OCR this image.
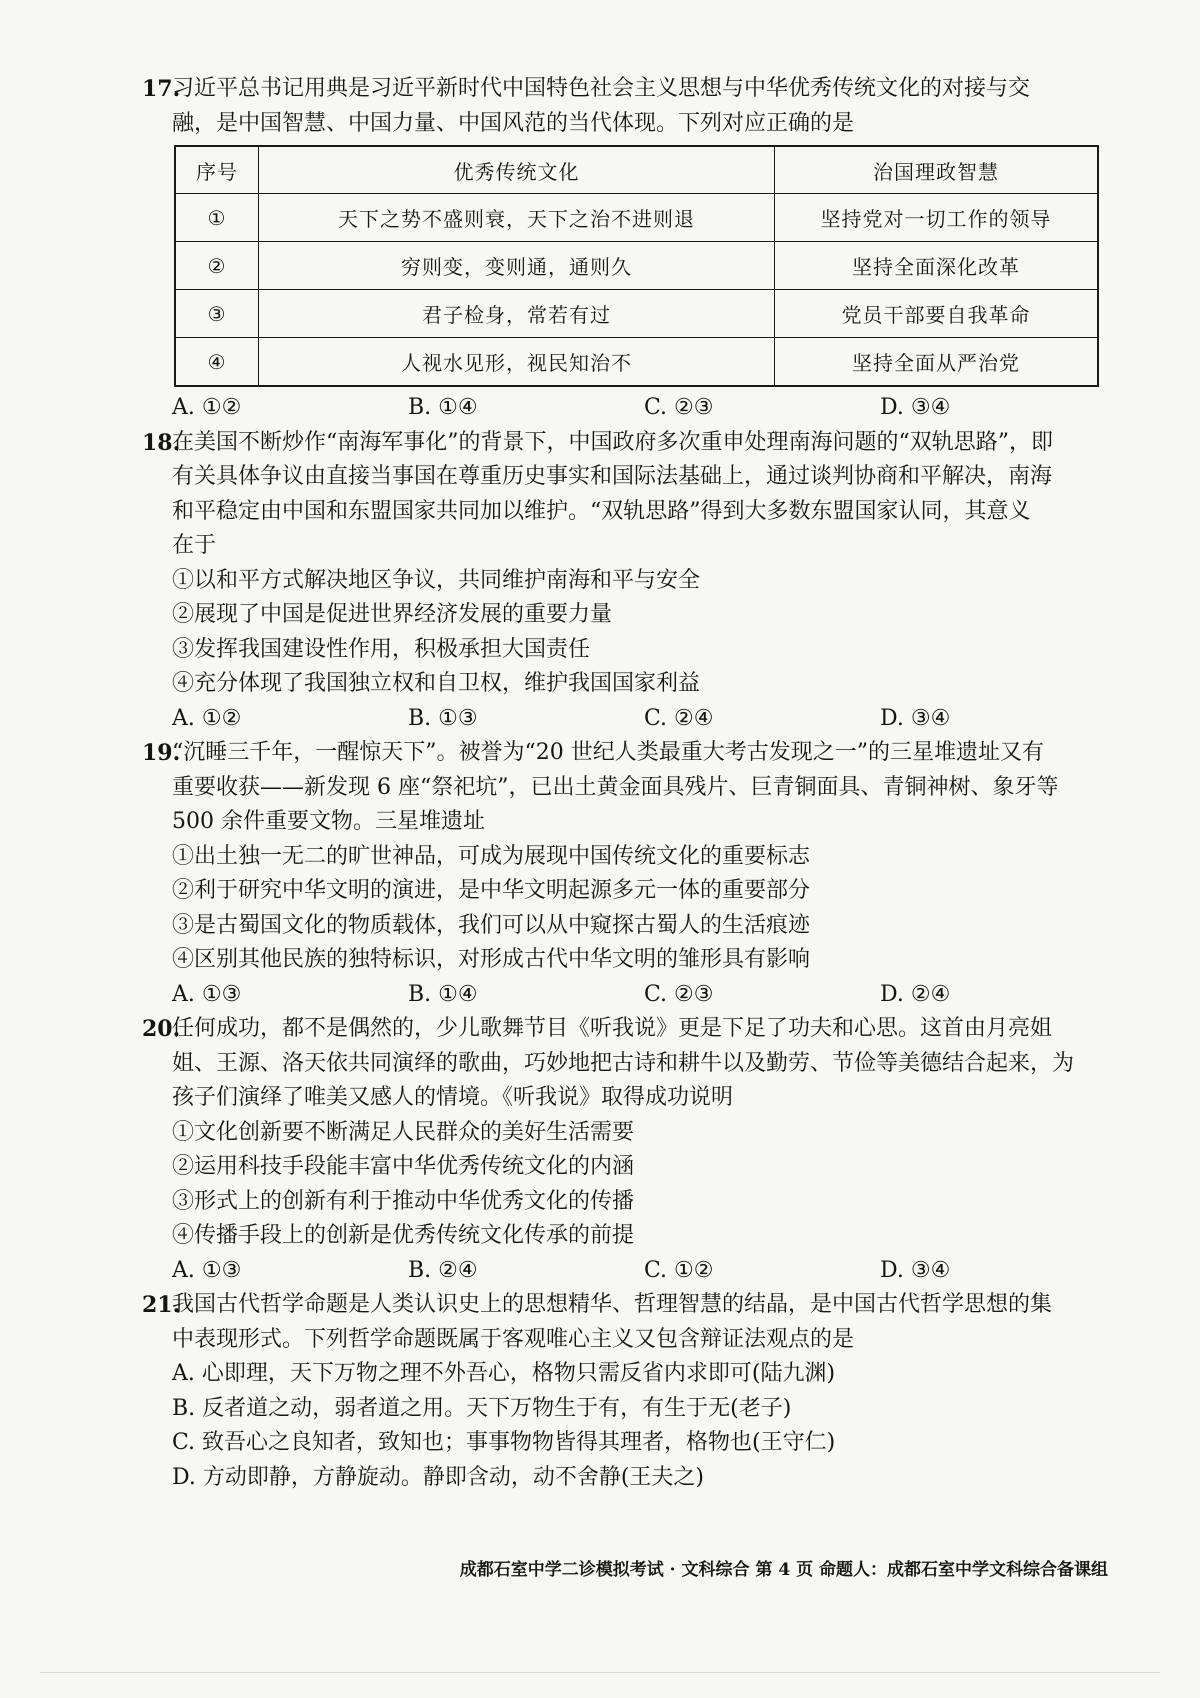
17.
习近平总书记用典是习近平新时代中国特色社会主义思想与中华优秀传统文化的对接与交
融，是中国智慧、中国力量、中国风范的当代体现。下列对应正确的是
序号	优秀传统文化	治国理政智慧
①	天下之势不盛则衰，天下之治不进则退	坚持党对一切工作的领导
②	穷则变，变则通，通则久	坚持全面深化改革
③	君子检身，常若有过	党员干部要自我革命
④	人视水见形，视民知治不	坚持全面从严治党
A. ①②	B. ①④	C. ②③	D. ③④
18.
在美国不断炒作“南海军事化”的背景下，中国政府多次重申处理南海问题的“双轨思路”，即
有关具体争议由直接当事国在尊重历史事实和国际法基础上，通过谈判协商和平解决，南海
和平稳定由中国和东盟国家共同加以维护。“双轨思路”得到大多数东盟国家认同，其意义
在于
①以和平方式解决地区争议，共同维护南海和平与安全
②展现了中国是促进世界经济发展的重要力量
③发挥我国建设性作用，积极承担大国责任
④充分体现了我国独立权和自卫权，维护我国国家利益
A. ①②	B. ①③	C. ②④	D. ③④
19.
“沉睡三千年，一醒惊天下”。被誉为“20 世纪人类最重大考古发现之一”的三星堆遗址又有
重要收获——新发现 6 座“祭祀坑”，已出土黄金面具残片、巨青铜面具、青铜神树、象牙等
500 余件重要文物。三星堆遗址
①出土独一无二的旷世神品，可成为展现中国传统文化的重要标志
②利于研究中华文明的演进，是中华文明起源多元一体的重要部分
③是古蜀国文化的物质载体，我们可以从中窥探古蜀人的生活痕迹
④区别其他民族的独特标识，对形成古代中华文明的雏形具有影响
A. ①③	B. ①④	C. ②③	D. ②④
20.
任何成功，都不是偶然的，少儿歌舞节目《听我说》更是下足了功夫和心思。这首由月亮姐
姐、王源、洛天依共同演绎的歌曲，巧妙地把古诗和耕牛以及勤劳、节俭等美德结合起来，为
孩子们演绎了唯美又感人的情境。《听我说》取得成功说明
①文化创新要不断满足人民群众的美好生活需要
②运用科技手段能丰富中华优秀传统文化的内涵
③形式上的创新有利于推动中华优秀文化的传播
④传播手段上的创新是优秀传统文化传承的前提
A. ①③	B. ②④	C. ①②	D. ③④
21.
我国古代哲学命题是人类认识史上的思想精华、哲理智慧的结晶，是中国古代哲学思想的集
中表现形式。下列哲学命题既属于客观唯心主义又包含辩证法观点的是
A. 心即理，天下万物之理不外吾心，格物只需反省内求即可(陆九渊)
B. 反者道之动，弱者道之用。天下万物生于有，有生于无(老子)
C. 致吾心之良知者，致知也；事事物物皆得其理者，格物也(王守仁)
D. 方动即静，方静旋动。静即含动，动不舍静(王夫之)
成都石室中学二诊模拟考试 · 文科综合 第 4 页 命题人：成都石室中学文科综合备课组
